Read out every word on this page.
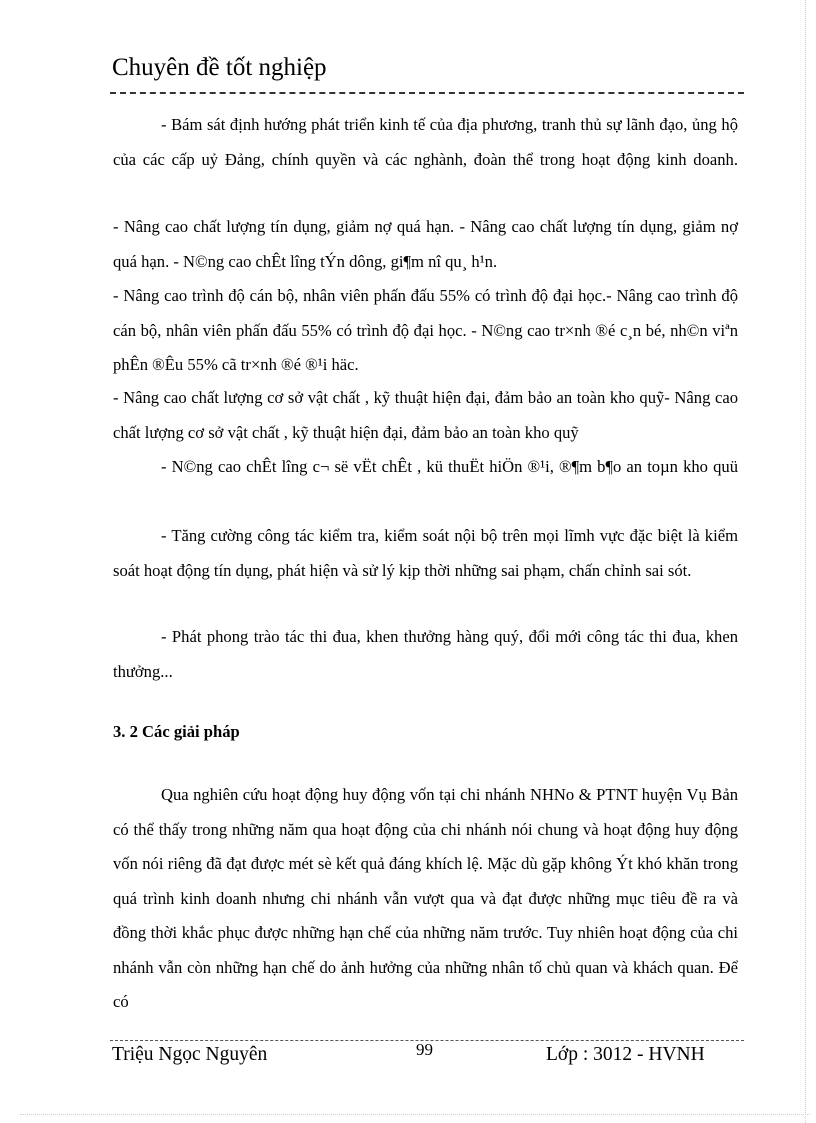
Chuyên đề tốt nghiệp

- Bám sát định hướng phát triển kinh tế của địa phương, tranh thủ sự lãnh đạo, ủng hộ của các cấp uỷ Đảng, chính quyền và các nghành, đoàn thể trong hoạt động kinh doanh.

- Nâng cao chất lượng tín dụng, giảm nợ quá hạn. - Nâng cao chất lượng tín dụng, giảm nợ quá hạn. - N©ng cao chÊt lîng tÝn dông, gi¶m nî qu¸ h¹n.

- Nâng cao trình độ cán bộ, nhân viên phấn đấu 55% có trình độ đại học.- Nâng cao trình độ cán bộ, nhân viên phấn đấu 55% có trình độ đại học. - N©ng cao tr×nh ®é c¸n bé, nh©n viªn phÊn ®Êu 55% cã tr×nh ®é ®¹i häc.

- Nâng cao chất lượng cơ sở vật chất , kỹ thuật hiện đại, đảm bảo an toàn kho quỹ- Nâng cao chất lượng cơ sở vật chất , kỹ thuật hiện đại, đảm bảo an toàn kho quỹ

- N©ng cao chÊt lîng c¬ së vËt chÊt , kü thuËt hiÖn ®¹i, ®¶m b¶o an toµn kho quü

- Tăng cường công tác kiểm tra, kiểm soát nội bộ trên mọi lĩmh vực đặc biệt là kiểm soát hoạt động tín dụng, phát hiện và sử lý kịp thời những sai phạm, chấn chỉnh sai sót.

- Phát phong trào tác thi đua, khen thưởng hàng quý, đổi mới công tác thi đua, khen thưởng...

3. 2 Các giải pháp

Qua nghiên cứu hoạt động huy động vốn tại chi nhánh NHNo & PTNT huyện Vụ Bản có thể thấy trong những năm qua hoạt động của chi nhánh nói chung và hoạt động huy động vốn nói riêng đã đạt được mét sè kết quả đáng khích lệ. Mặc dù gặp không Ýt khó khăn trong quá trình kinh doanh nhưng chi nhánh vẫn vượt qua và đạt được những mục tiêu đề ra và đồng thời khắc phục được những hạn chế của những năm trước. Tuy nhiên hoạt động của chi nhánh vẫn còn những hạn chế do ảnh hưởng của những nhân tố chủ quan và khách quan. Để có

Triệu Ngọc Nguyên	99	Lớp : 3012 - HVNH
